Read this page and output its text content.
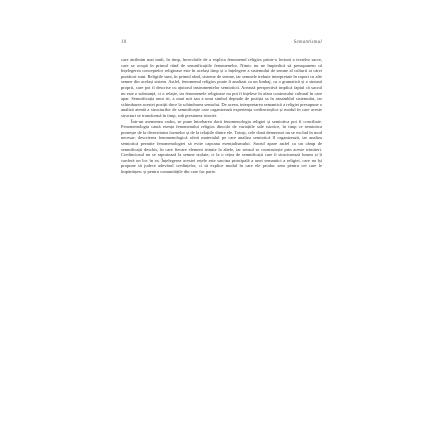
10	Semantismul

care atribuim mai mult, în timp, încercările de a explica fenomenul religios printr-o lectură a textelor sacre, care se ocupă în primul rând de semnificațiile fenomenelor. Nimic nu ne împiedică să presupunem că înțelegerea conceptelor religioase este în același timp și o înțelegere a sistemului de semne al culturii ai cărei purtători sunt. Religiile sunt, în primul rând, sisteme de semne, iar semnele trebuie interpretate în raport cu alte semne din același sistem. Astfel, fenomenul religios poate fi analizat ca un limbaj, cu o gramatică și o sintaxă proprii, care pot fi descrise cu ajutorul instrumentelor semioticii. Această perspectivă implică faptul că sacrul nu este o substanță, ci o relație, iar fenomenele religioase nu pot fi înțelese în afara contextului cultural în care apar. Semnificația unui rit, a unui mit sau a unui simbol depinde de poziția sa în ansamblul sistemului, iar schimbarea acestei poziții duce la schimbarea sensului. De aceea, interpretarea semantică a religiei presupune o analiză atentă a structurilor de semnificație care organizează experiența credincioșilor și modul în care aceste structuri se transformă în timp, sub presiunea istoriei.

Într-un asemenea cadru, se pune întrebarea dacă fenomenologia religiei și semiotica pot fi conciliate. Fenomenologia caută esența fenomenului religios dincolo de variațiile sale istorice, în timp ce semiotica pornește de la diversitatea formelor și de la relațiile dintre ele. Totuși, cele două demersuri nu se exclud în mod necesar: descrierea fenomenologică oferă materialul pe care analiza semiotică îl organizează, iar analiza semiotică permite fenomenologiei să evite capcana esențialismului. Sacrul apare astfel ca un câmp de semnificații deschis, în care fiecare element trimite la altele, iar sensul se construiește prin aceste trimiteri. Credinciosul nu se raportează la semne izolate, ci la o rețea de semnificații care îi structurează lumea și îi conferă un loc în ea. Înțelegerea acestei rețele este sarcina principală a unei semantici a religiei, care nu își propune să judece adevărul credințelor, ci să explice modul în care ele produc sens pentru cei care le împărtășesc și pentru comunitățile din care fac parte.
